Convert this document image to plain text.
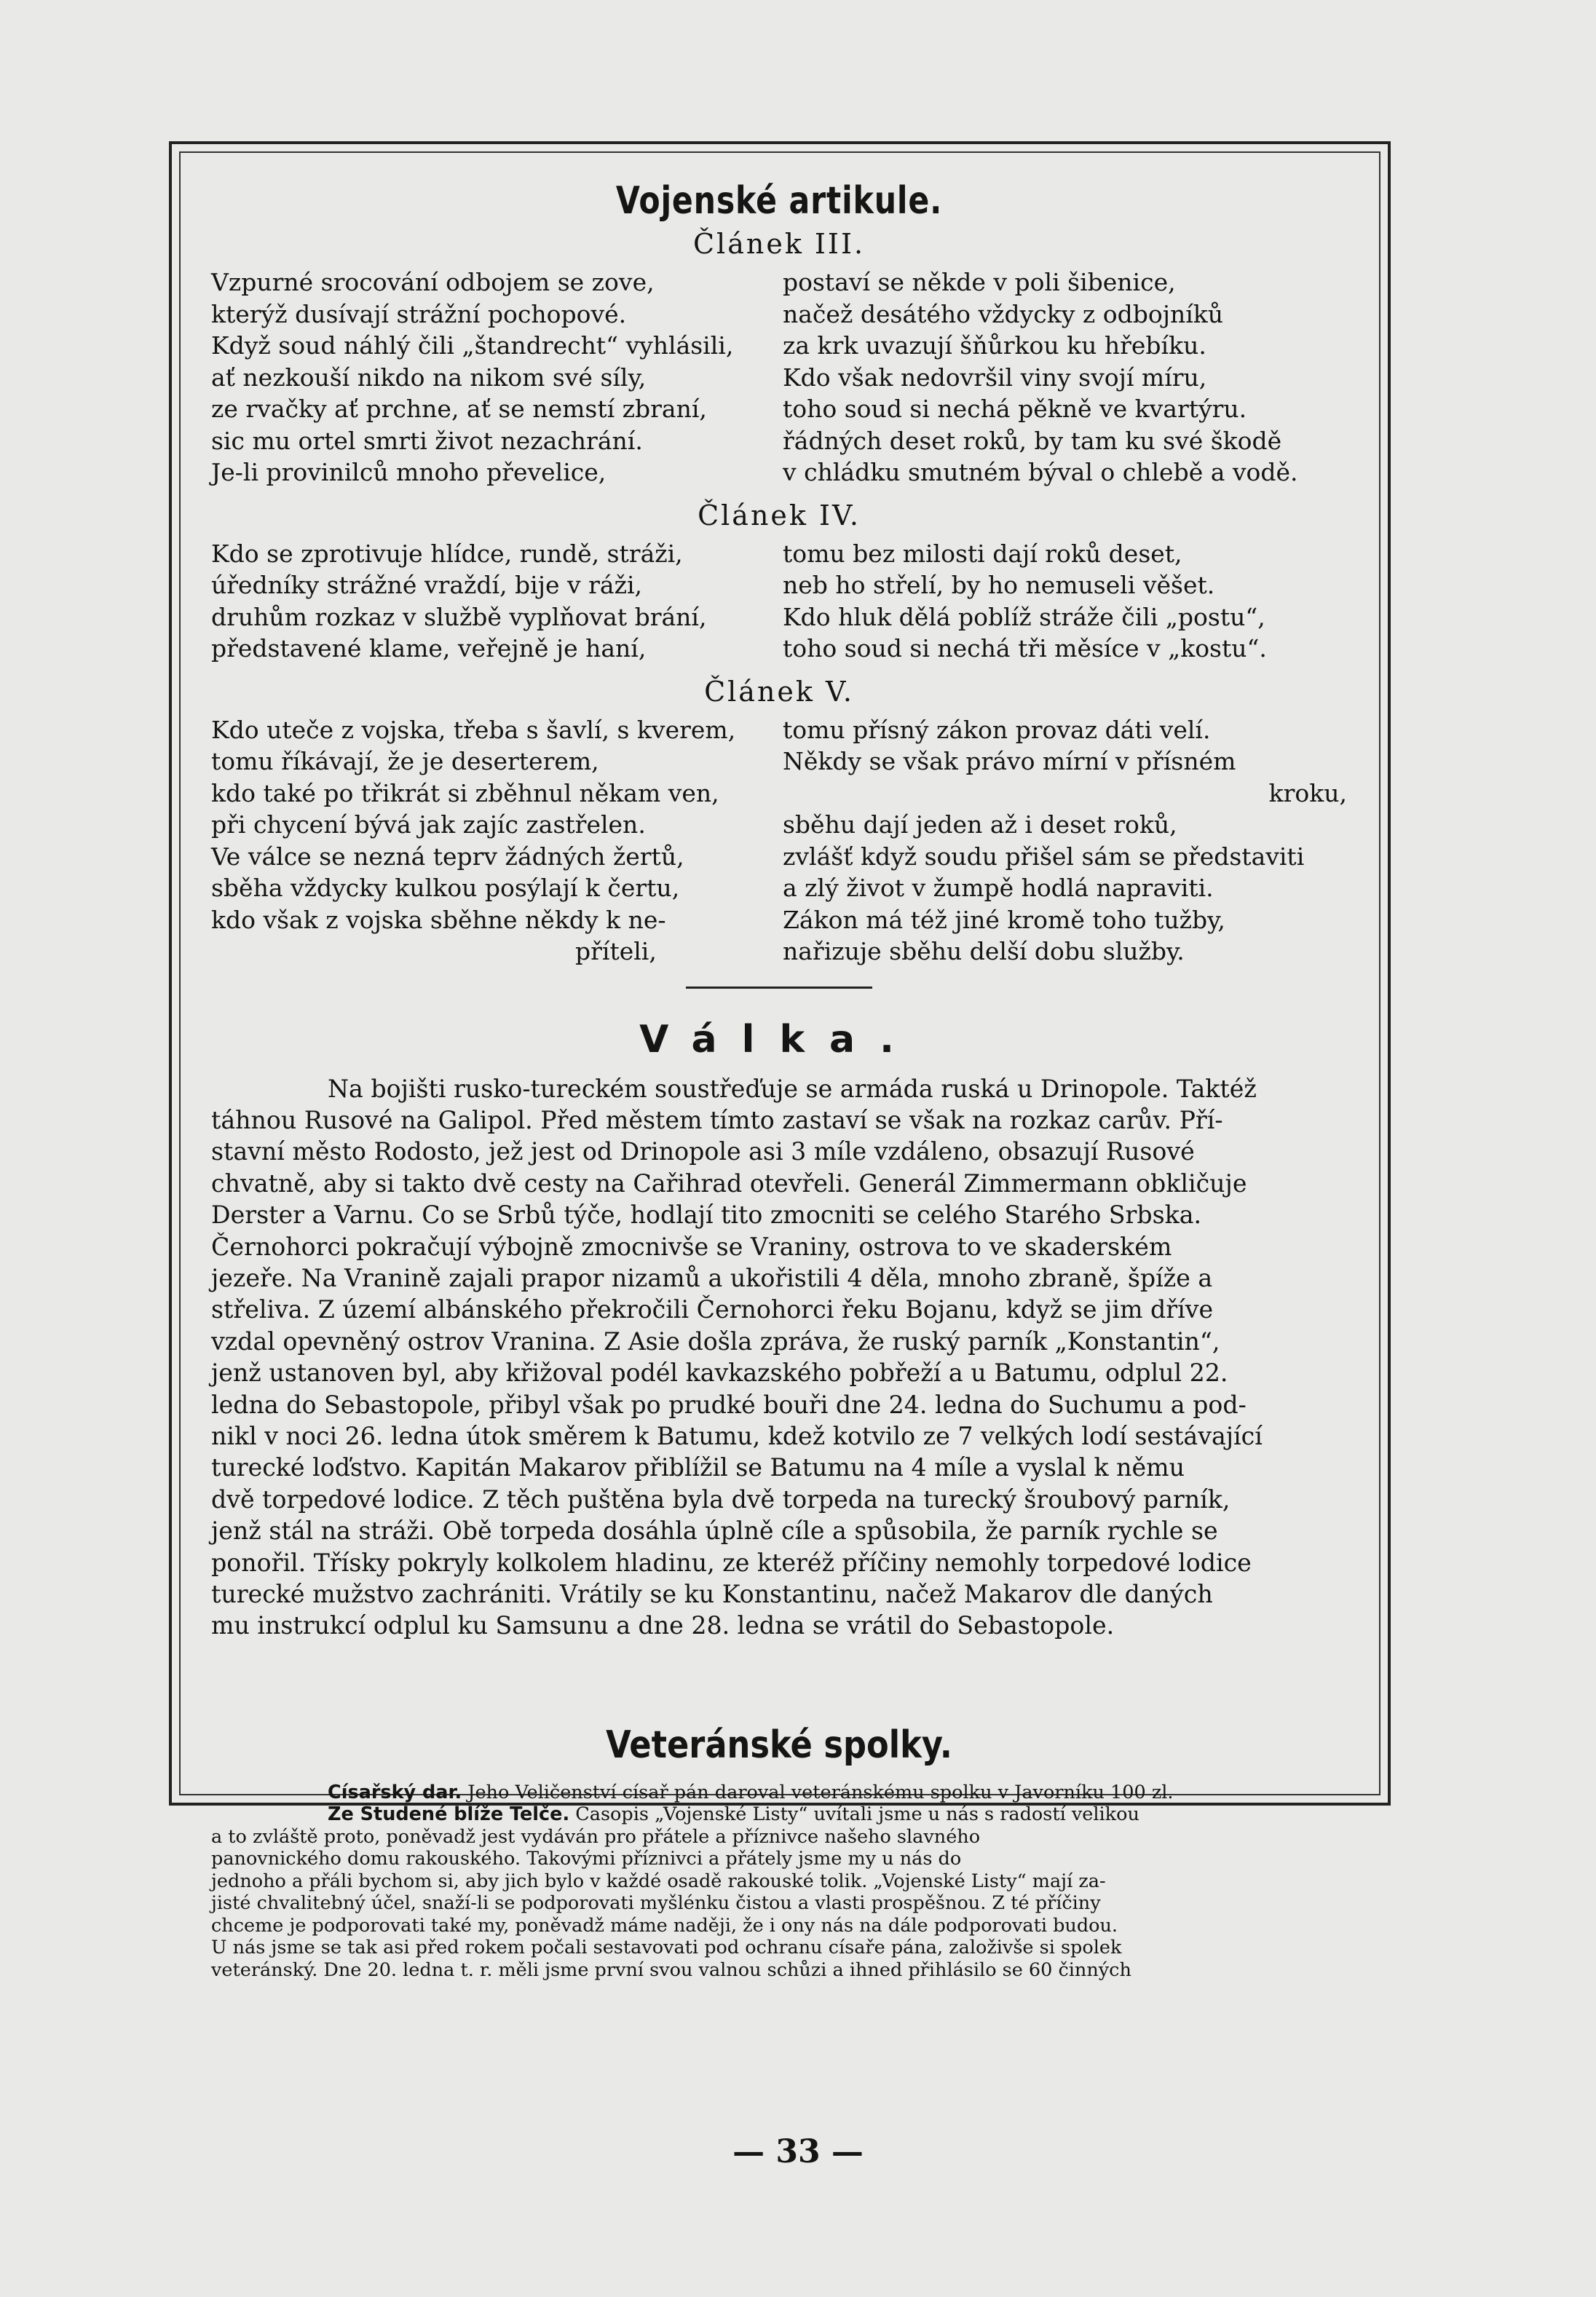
Vojenské artikule.
Článek III.
Vzpurné srocování odbojem se zove,
kterýž dusívají strážní pochopové.
Když soud náhlý čili „štandrecht“ vyhlásili,
ať nezkouší nikdo na nikom své síly,
ze rvačky ať prchne, ať se nemstí zbraní,
sic mu ortel smrti život nezachrání.
Je-li provinilců mnoho převelice,
postaví se někde v poli šibenice,
načež desátého vždycky z odbojníků
za krk uvazují šňůrkou ku hřebíku.
Kdo však nedovršil viny svojí míru,
toho soud si nechá pěkně ve kvartýru.
řádných deset roků, by tam ku své škodě
v chládku smutném býval o chlebě a vodě.
Článek IV.
Kdo se zprotivuje hlídce, rundě, stráži,
úředníky strážné vraždí, bije v ráži,
druhům rozkaz v službě vyplňovat brání,
představené klame, veřejně je haní,
tomu bez milosti dají roků deset,
neb ho střelí, by ho nemuseli věšet.
Kdo hluk dělá poblíž stráže čili „postu“,
toho soud si nechá tři měsíce v „kostu“.
Článek V.
Kdo uteče z vojska, třeba s šavlí, s kverem,
tomu říkávají, že je deserterem,
kdo také po třikrát si zběhnul někam ven,
při chycení bývá jak zajíc zastřelen.
Ve válce se nezná teprv žádných žertů,
sběha vždycky kulkou posýlají k čertu,
kdo však z vojska sběhne někdy k ne-
příteli,
tomu přísný zákon provaz dáti velí.
Někdy se však právo mírní v přísném
kroku,
sběhu dají jeden až i deset roků,
zvlášť když soudu přišel sám se představiti
a zlý život v žumpě hodlá napraviti.
Zákon má též jiné kromě toho tužby,
nařizuje sběhu delší dobu služby.
Válka.
Na bojišti rusko-tureckém soustřeďuje se armáda ruská u Drinopole. Taktéž
táhnou Rusové na Galipol. Před městem tímto zastaví se však na rozkaz carův. Pří-
stavní město Rodosto, jež jest od Drinopole asi 3 míle vzdáleno, obsazují Rusové
chvatně, aby si takto dvě cesty na Cařihrad otevřeli. Generál Zimmermann obkličuje
Derster a Varnu. Co se Srbů týče, hodlají tito zmocniti se celého Starého Srbska.
Černohorci pokračují výbojně zmocnivše se Vraniny, ostrova to ve skaderském
jezeře. Na Vranině zajali prapor nizamů a ukořistili 4 děla, mnoho zbraně, špíže a
střeliva. Z území albánského překročili Černohorci řeku Bojanu, když se jim dříve
vzdal opevněný ostrov Vranina. Z Asie došla zpráva, že ruský parník „Konstantin“,
jenž ustanoven byl, aby křižoval podél kavkazského pobřeží a u Batumu, odplul 22.
ledna do Sebastopole, přibyl však po prudké bouři dne 24. ledna do Suchumu a pod-
nikl v noci 26. ledna útok směrem k Batumu, kdež kotvilo ze 7 velkých lodí sestávající
turecké loďstvo. Kapitán Makarov přiblížil se Batumu na 4 míle a vyslal k němu
dvě torpedové lodice. Z těch puštěna byla dvě torpeda na turecký šroubový parník,
jenž stál na stráži. Obě torpeda dosáhla úplně cíle a spůsobila, že parník rychle se
ponořil. Třísky pokryly kolkolem hladinu, ze kteréž příčiny nemohly torpedové lodice
turecké mužstvo zachrániti. Vrátily se ku Konstantinu, načež Makarov dle daných
mu instrukcí odplul ku Samsunu a dne 28. ledna se vrátil do Sebastopole.
Veteránské spolky.
Císařský dar. Jeho Veličenství císař pán daroval veteránskému spolku v Javorníku 100 zl.
Ze Studené blíže Telče. Časopis „Vojenské Listy“ uvítali jsme u nás s radostí velikou
a to zvláště proto, poněvadž jest vydáván pro přátele a příznivce našeho slavného
panovnického domu rakouského. Takovými příznivci a přátely jsme my u nás do
jednoho a přáli bychom si, aby jich bylo v každé osadě rakouské tolik. „Vojenské Listy“ mají za-
jisté chvalitebný účel, snaží-li se podporovati myšlénku čistou a vlasti prospěšnou. Z té příčiny
chceme je podporovati také my, poněvadž máme naději, že i ony nás na dále podporovati budou.
U nás jsme se tak asi před rokem počali sestavovati pod ochranu císaře pána, založivše si spolek
veteránský. Dne 20. ledna t. r. měli jsme první svou valnou schůzi a ihned přihlásilo se 60 činných
— 33 —
